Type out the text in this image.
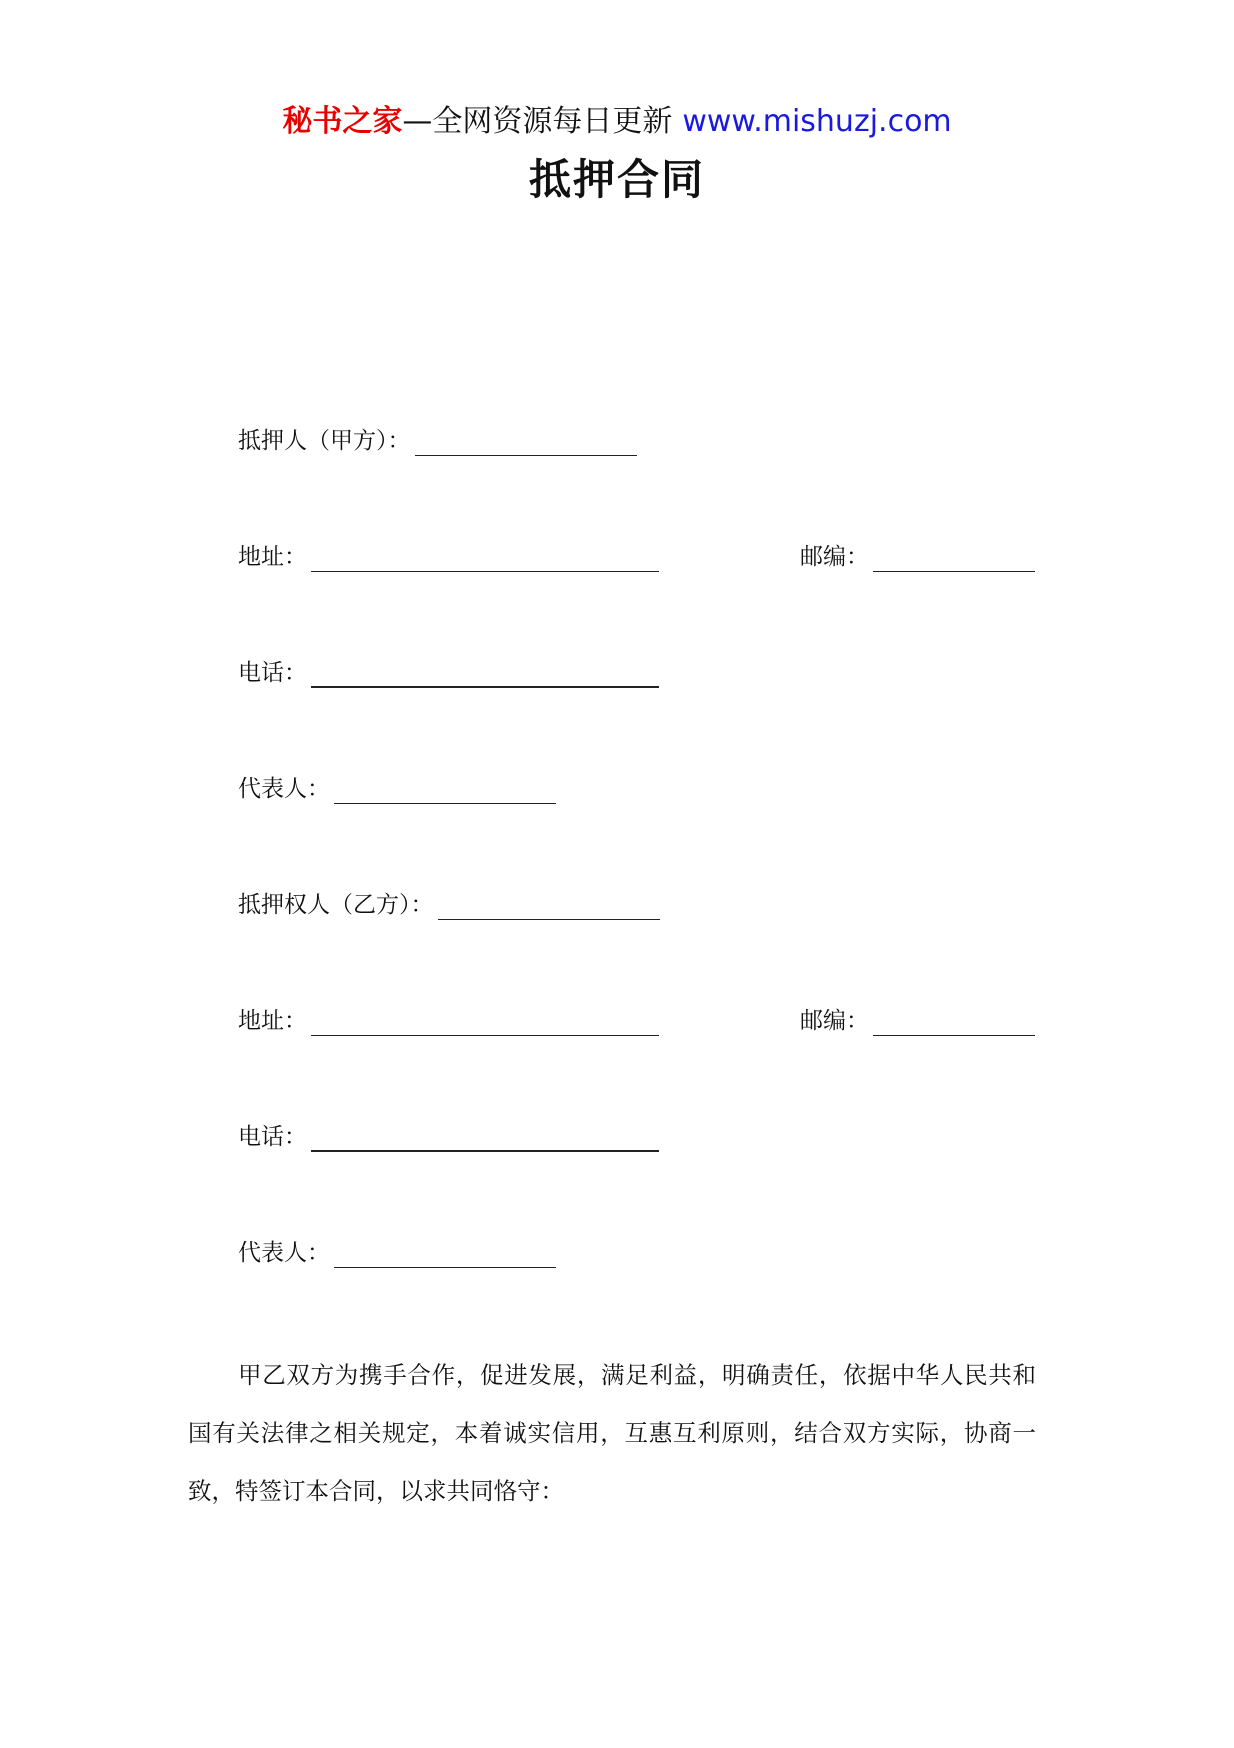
秘书之家—全网资源每日更新 www.mishuzj.com
抵押合同
抵押人（甲方）：
地址：	邮编：
电话：
代表人：
抵押权人（乙方）：
地址：	邮编：
电话：
代表人：
甲乙双方为携手合作，促进发展，满足利益，明确责任，依据中华人民共和国有关法律之相关规定，本着诚实信用，互惠互利原则，结合双方实际，协商一致，特签订本合同，以求共同恪守：
